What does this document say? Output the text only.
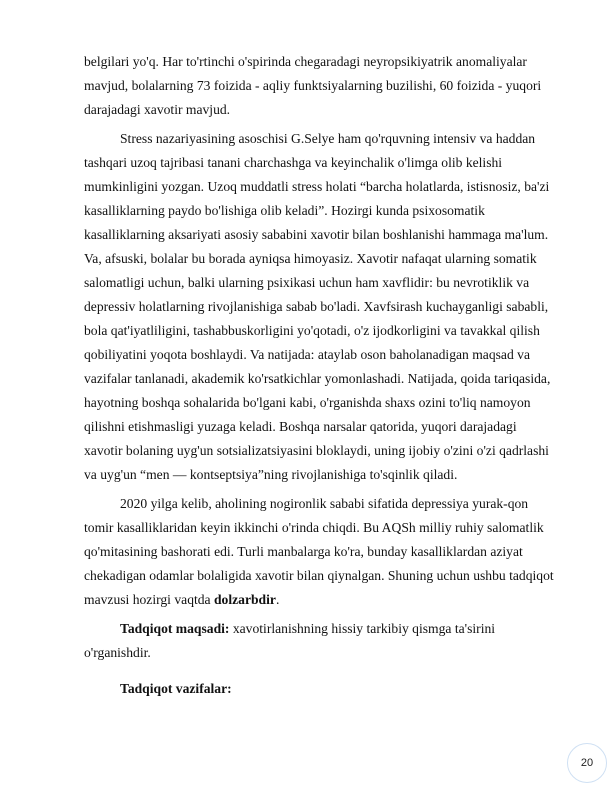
belgilari yo'q. Har to'rtinchi o'spirinda chegaradagi neyropsikiyatrik anomaliyalar
mavjud, bolalarning 73 foizida - aqliy funktsiyalarning buzilishi, 60 foizida - yuqori
darajadagi xavotir mavjud.
Stress nazariyasining asoschisi G.Selye ham qo'rquvning intensiv va haddan
tashqari uzoq tajribasi tanani charchashga va keyinchalik o'limga olib kelishi
mumkinligini yozgan. Uzoq muddatli stress holati “barcha holatlarda, istisnosiz, ba'zi
kasalliklarning paydo bo'lishiga olib keladi”. Hozirgi kunda psixosomatik
kasalliklarning aksariyati asosiy sababini xavotir bilan boshlanishi hammaga ma'lum.
Va, afsuski, bolalar bu borada ayniqsa himoyasiz. Xavotir nafaqat ularning somatik
salomatligi uchun, balki ularning psixikasi uchun ham xavflidir: bu nevrotiklik va
depressiv holatlarning rivojlanishiga sabab bo'ladi. Xavfsirash kuchayganligi sababli,
bola qat'iyatliligini, tashabbuskorligini yo'qotadi, o'z ijodkorligini va tavakkal qilish
qobiliyatini yoqota boshlaydi. Va natijada: ataylab oson baholanadigan maqsad va
vazifalar tanlanadi, akademik ko'rsatkichlar yomonlashadi. Natijada, qoida tariqasida,
hayotning boshqa sohalarida bo'lgani kabi, o'rganishda shaxs ozini to'liq namoyon
qilishni etishmasligi yuzaga keladi. Boshqa narsalar qatorida, yuqori darajadagi
xavotir bolaning uyg'un sotsializatsiyasini bloklaydi, uning ijobiy o'zini o'zi qadrlashi
va uyg'un “men — kontseptsiya”ning rivojlanishiga to'sqinlik qiladi.
2020 yilga kelib, aholining nogironlik sababi sifatida depressiya yurak-qon
tomir kasalliklaridan keyin ikkinchi o'rinda chiqdi. Bu AQSh milliy ruhiy salomatlik
qo'mitasining bashorati edi. Turli manbalarga ko'ra, bunday kasalliklardan aziyat
chekadigan odamlar bolaligida xavotir bilan qiynalgan. Shuning uchun ushbu tadqiqot
mavzusi hozirgi vaqtda dolzarbdir.
Tadqiqot maqsadi: xavotirlanishning hissiy tarkibiy qismga ta'sirini
o'rganishdir.
Tadqiqot vazifalar:
20
